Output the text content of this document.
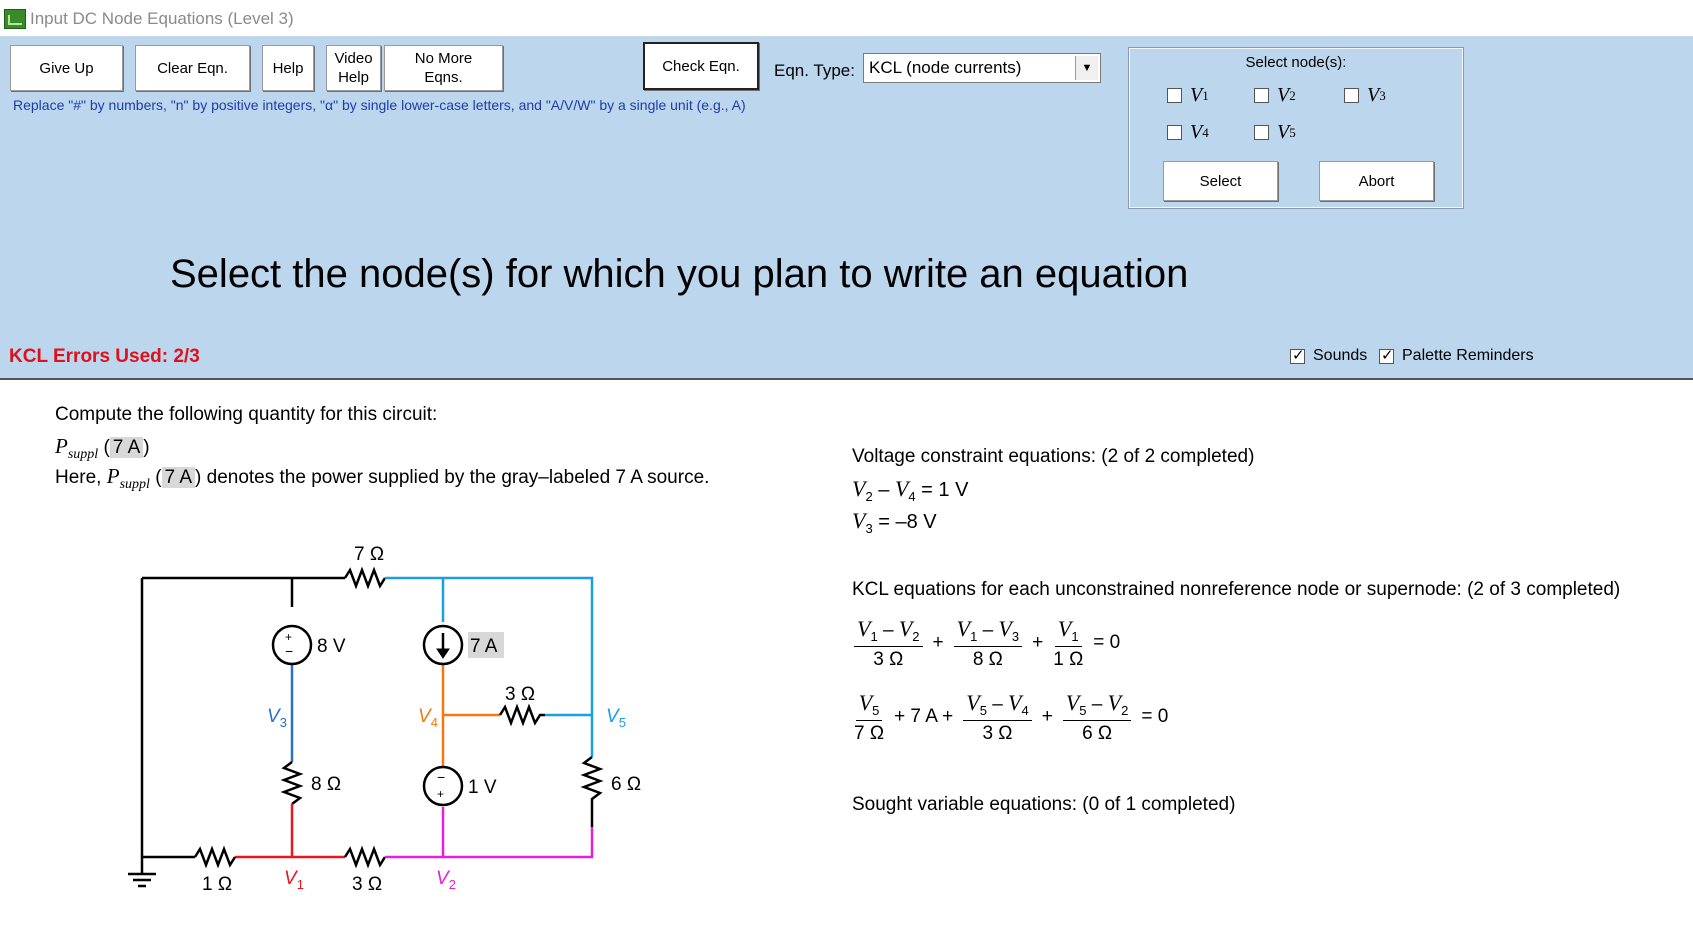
Input DC Node Equations (Level 3)
Give Up	Clear Eqn.	Help
Video
Help
No More
Eqns.
Check Eqn.	Eqn. Type: KCL (node currents)	▼
Replace "#" by numbers, "n" by positive integers, "α" by single lower-case letters, and "A/V/W" by a single unit (e.g., A)
Select node(s):
V 1	V 2	V 3
V 4	V 5
Select	Abort
Select the node(s) for which you plan to write an equation
KCL Errors Used: 2/3 ✓	Sounds ✓ Palette Reminders
Compute the following quantity for this circuit:
$P_{suppl}$ ( 7 A )
Here, $P_{suppl}$ ( 7 A ) denotes the power supplied by the gray–labeled 7 A source.
+
−
−
+
7 Ω
8 V	7 A
3 Ω
8 Ω	1 V	6 Ω
1 Ω	3 Ω
$V_3$	$V_4$	$V_5$
$V_1$	$V_2$
Voltage constraint equations: (2 of 2 completed)
$V_2 - V_4 = 1$ V
$V_3 = -8$ V
KCL equations for each unconstrained nonreference node or supernode: (2 of 3 completed)
$\frac{V_1 - V_2}{3 \Omega} + \frac{V_1 - V_3}{8 \Omega} + \frac{V_1}{1 \Omega} = 0$
$\frac{V_5}{7 \Omega} + 7$ $A + \frac{V_5 - V_4}{3 \Omega} + \frac{V_5 - V_2}{6 \Omega} = 0$
Sought variable equations: (0 of 1 completed)
